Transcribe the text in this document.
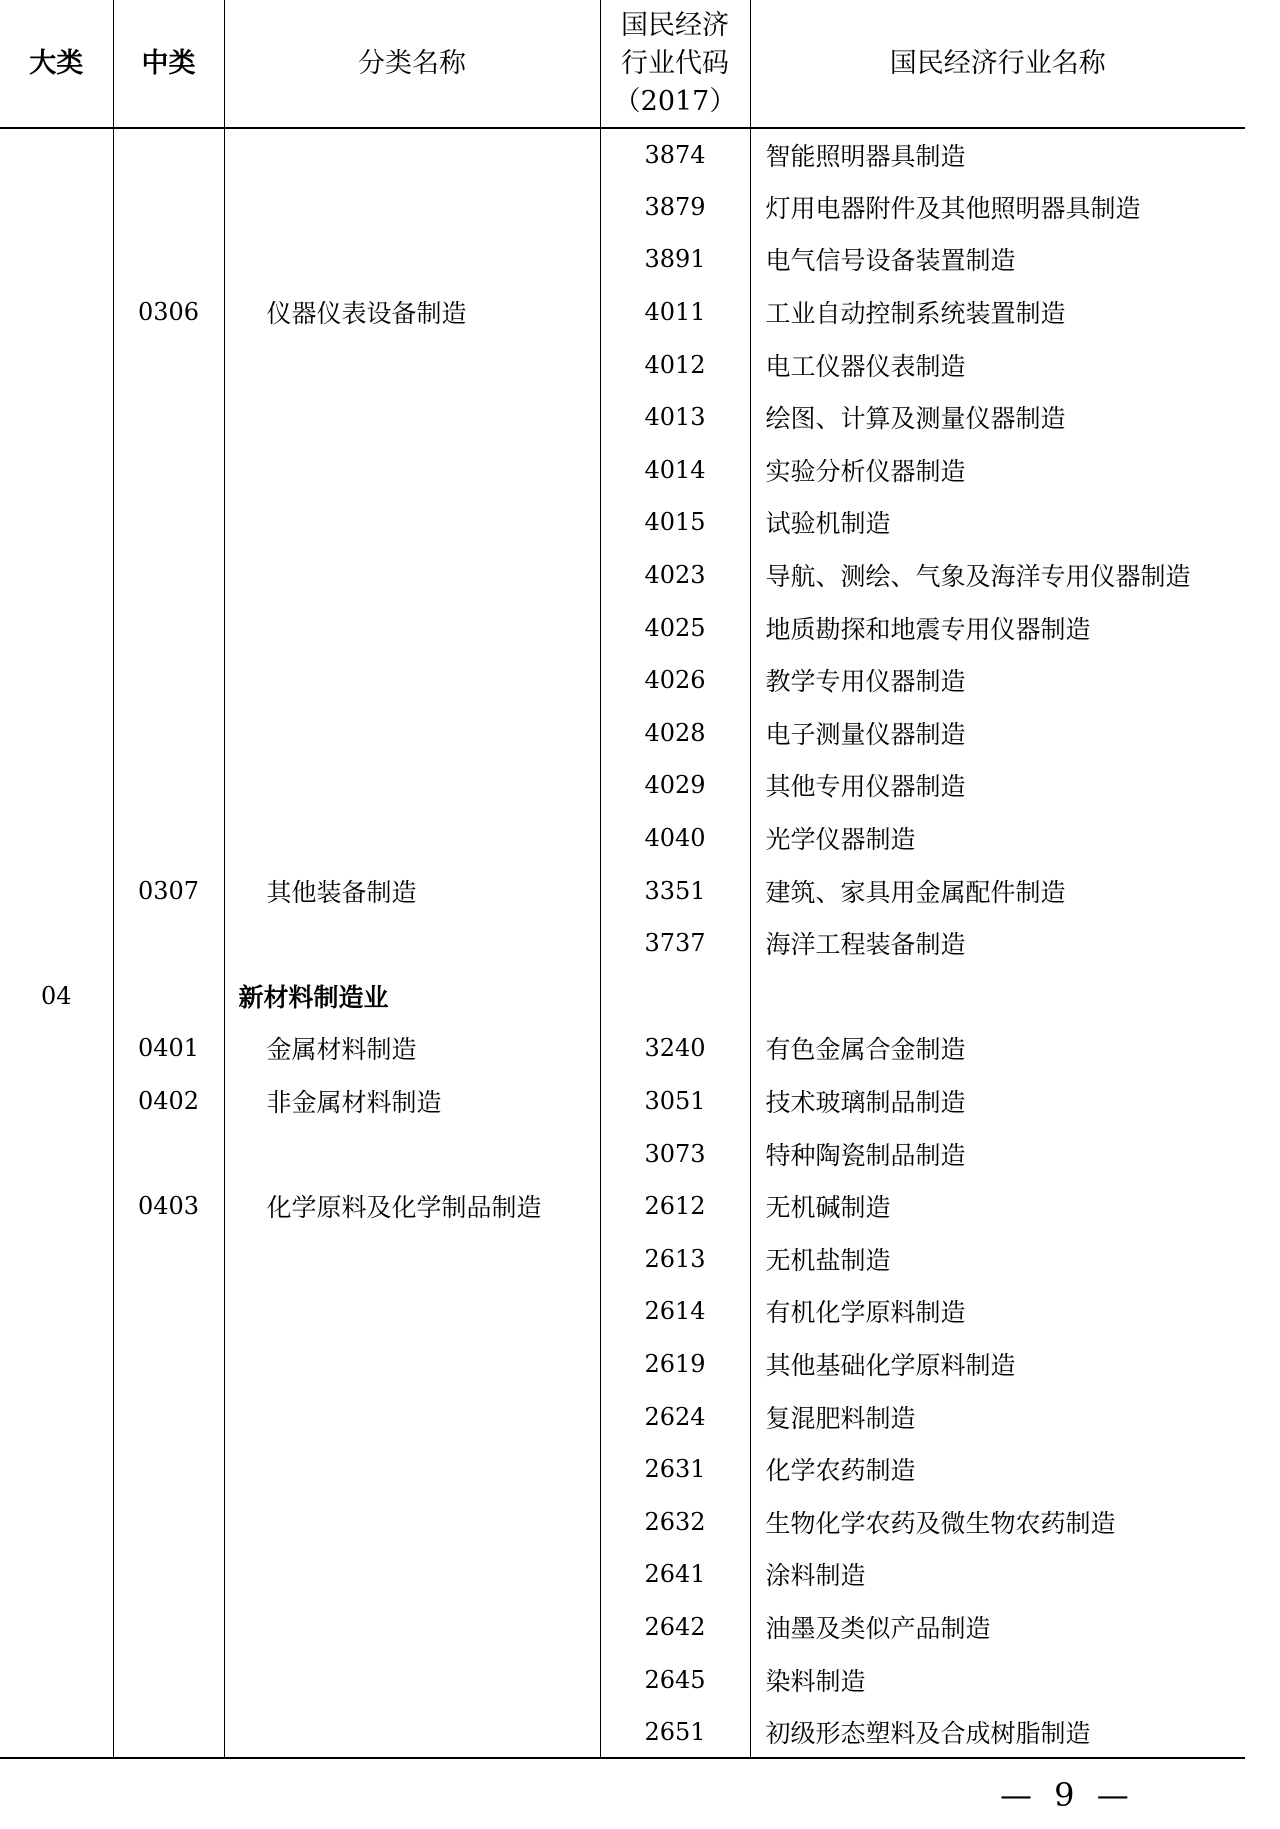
大类	中类	分类名称	国民经济
行业代码
（2017）	国民经济行业名称
			3874	智能照明器具制造
			3879	灯用电器附件及其他照明器具制造
			3891	电气信号设备装置制造
	0306	仪器仪表设备制造	4011	工业自动控制系统装置制造
			4012	电工仪器仪表制造
			4013	绘图、计算及测量仪器制造
			4014	实验分析仪器制造
			4015	试验机制造
			4023	导航、测绘、气象及海洋专用仪器制造
			4025	地质勘探和地震专用仪器制造
			4026	教学专用仪器制造
			4028	电子测量仪器制造
			4029	其他专用仪器制造
			4040	光学仪器制造
	0307	其他装备制造	3351	建筑、家具用金属配件制造
			3737	海洋工程装备制造
04		新材料制造业		
	0401	金属材料制造	3240	有色金属合金制造
	0402	非金属材料制造	3051	技术玻璃制品制造
			3073	特种陶瓷制品制造
	0403	化学原料及化学制品制造	2612	无机碱制造
			2613	无机盐制造
			2614	有机化学原料制造
			2619	其他基础化学原料制造
			2624	复混肥料制造
			2631	化学农药制造
			2632	生物化学农药及微生物农药制造
			2641	涂料制造
			2642	油墨及类似产品制造
			2645	染料制造
			2651	初级形态塑料及合成树脂制造
— 9 —
